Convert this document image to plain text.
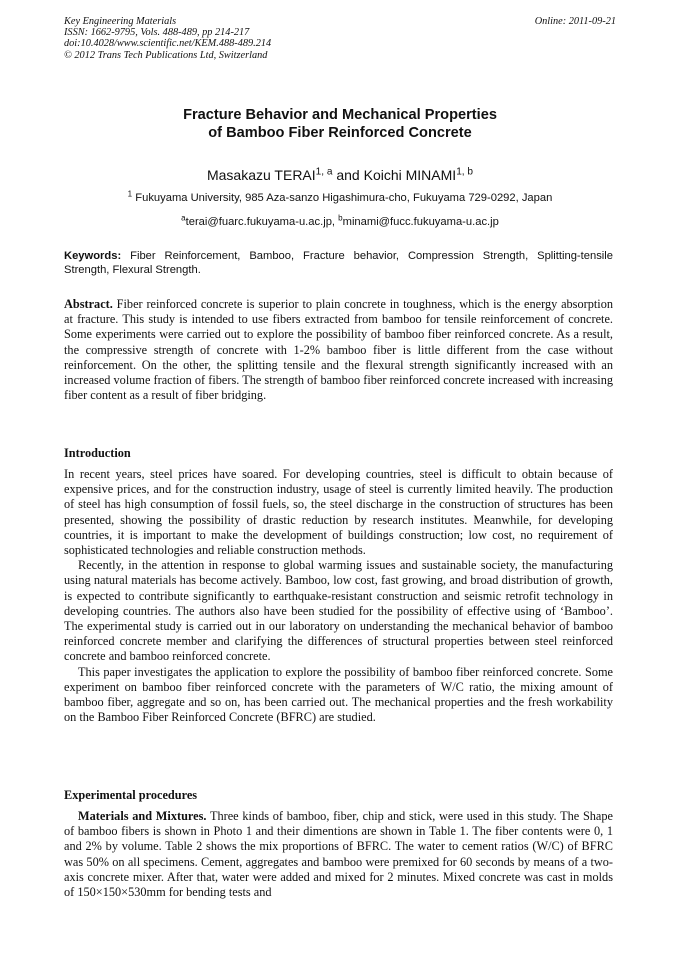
Key Engineering Materials
ISSN: 1662-9795, Vols. 488-489, pp 214-217
doi:10.4028/www.scientific.net/KEM.488-489.214
© 2012 Trans Tech Publications Ltd, Switzerland
Online: 2011-09-21
Fracture Behavior and Mechanical Properties
of Bamboo Fiber Reinforced Concrete
Masakazu TERAI$^{1, a}$ and Koichi MINAMI$^{1, b}$
$^1$ Fukuyama University, 985 Aza-sanzo Higashimura-cho, Fukuyama 729-0292, Japan
$^a$terai@fuarc.fukuyama-u.ac.jp, $^b$minami@fucc.fukuyama-u.ac.jp
Keywords: Fiber Reinforcement, Bamboo, Fracture behavior, Compression Strength, Splitting-tensile Strength, Flexural Strength.

Abstract. Fiber reinforced concrete is superior to plain concrete in toughness, which is the energy absorption at fracture. This study is intended to use fibers extracted from bamboo for tensile reinforcement of concrete. Some experiments were carried out to explore the possibility of bamboo fiber reinforced concrete. As a result, the compressive strength of concrete with 1-2% bamboo fiber is little different from the case without reinforcement. On the other, the splitting tensile and the flexural strength significantly increased with an increased volume fraction of fibers. The strength of bamboo fiber reinforced concrete increased with increasing fiber content as a result of fiber bridging.

Introduction

In recent years, steel prices have soared. For developing countries, steel is difficult to obtain because of expensive prices, and for the construction industry, usage of steel is currently limited heavily. The production of steel has high consumption of fossil fuels, so, the steel discharge in the construction of structures has been presented, showing the possibility of drastic reduction by research institutes. Meanwhile, for developing countries, it is important to make the development of buildings construction; low cost, no requirement of sophisticated technologies and reliable construction methods.

Recently, in the attention in response to global warming issues and sustainable society, the manufacturing using natural materials has become actively. Bamboo, low cost, fast growing, and broad distribution of growth, is expected to contribute significantly to earthquake-resistant construction and seismic retrofit technology in developing countries. The authors also have been studied for the possibility of effective using of ‘Bamboo’. The experimental study is carried out in our laboratory on understanding the mechanical behavior of bamboo reinforced concrete member and clarifying the differences of structural properties between steel reinforced concrete and bamboo reinforced concrete.

This paper investigates the application to explore the possibility of bamboo fiber reinforced concrete. Some experiment on bamboo fiber reinforced concrete with the parameters of W/C ratio, the mixing amount of bamboo fiber, aggregate and so on, has been carried out. The mechanical properties and the fresh workability on the Bamboo Fiber Reinforced Concrete (BFRC) are studied.

Experimental procedures

Materials and Mixtures. Three kinds of bamboo, fiber, chip and stick, were used in this study. The Shape of bamboo fibers is shown in Photo 1 and their dimentions are shown in Table 1. The fiber contents were 0, 1 and 2% by volume. Table 2 shows the mix proportions of BFRC. The water to cement ratios (W/C) of BFRC was 50% on all specimens. Cement, aggregates and bamboo were premixed for 60 seconds by means of a two-axis concrete mixer. After that, water were added and mixed for 2 minutes. Mixed concrete was cast in molds of 150×150×530mm for bending tests and
